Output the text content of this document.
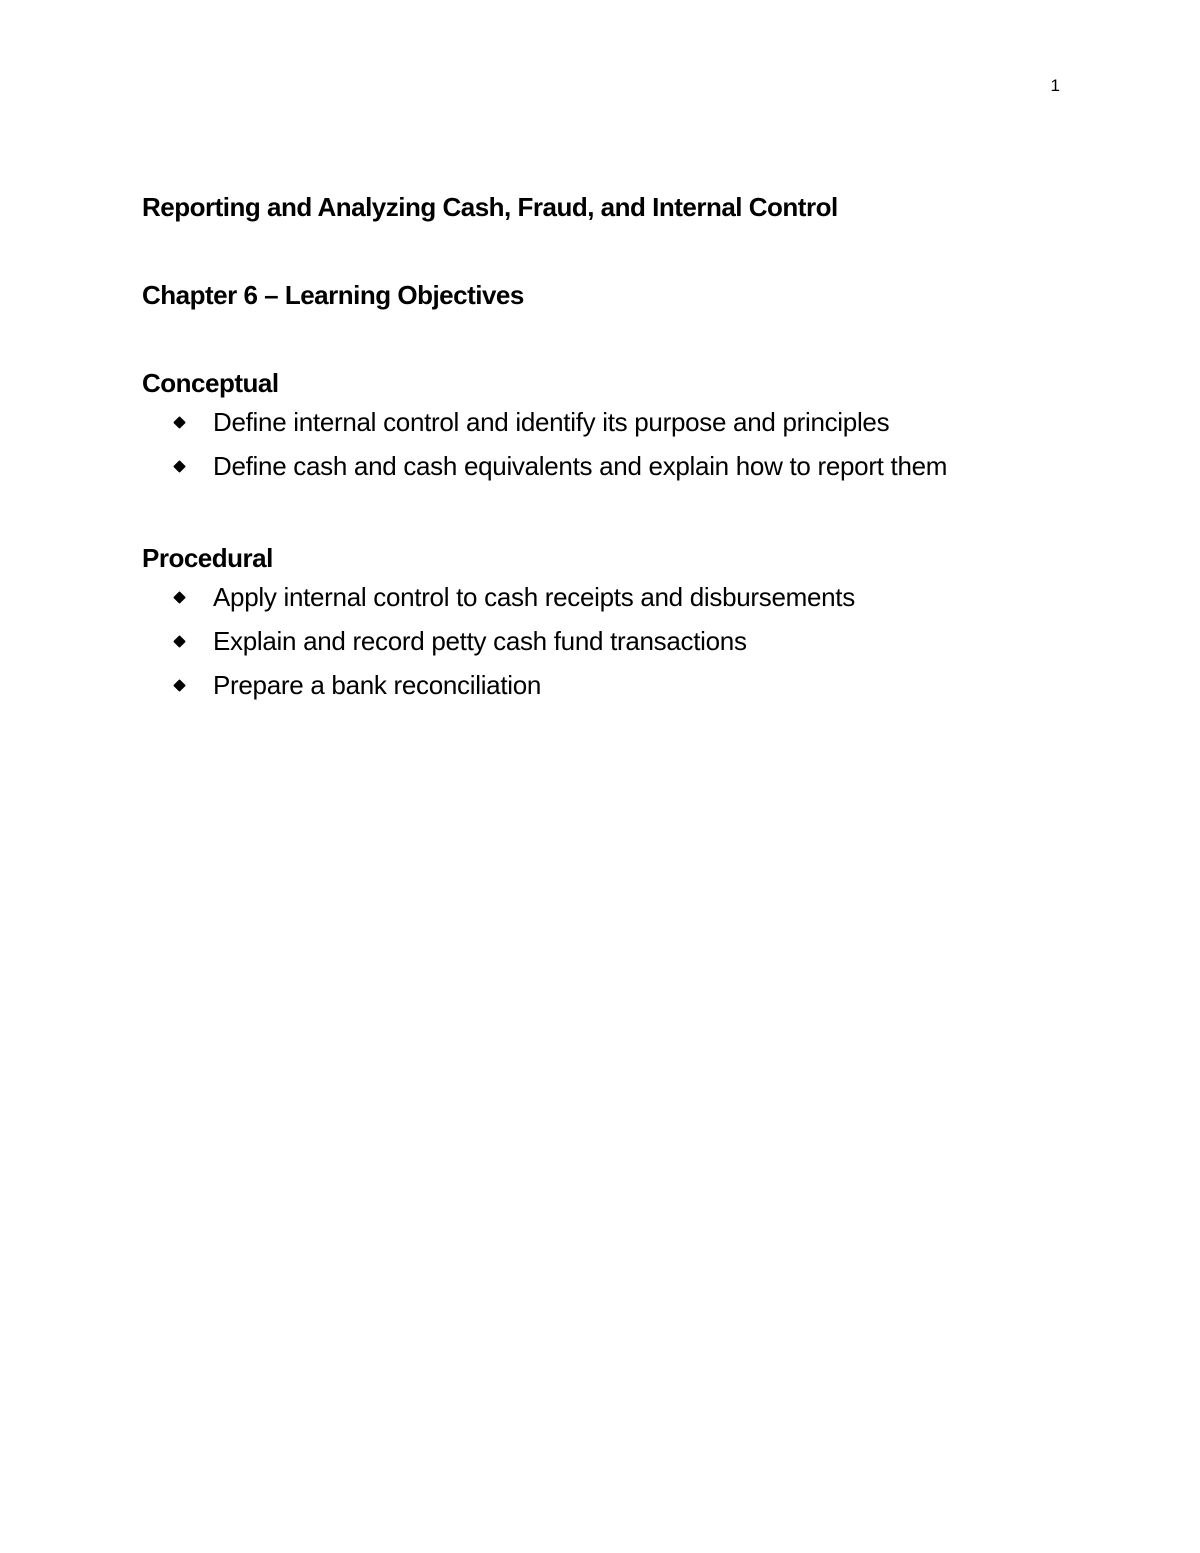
1
Reporting and Analyzing Cash, Fraud, and Internal Control
Chapter 6 – Learning Objectives
Conceptual
Define internal control and identify its purpose and principles
Define cash and cash equivalents and explain how to report them
Procedural
Apply internal control to cash receipts and disbursements
Explain and record petty cash fund transactions
Prepare a bank reconciliation
